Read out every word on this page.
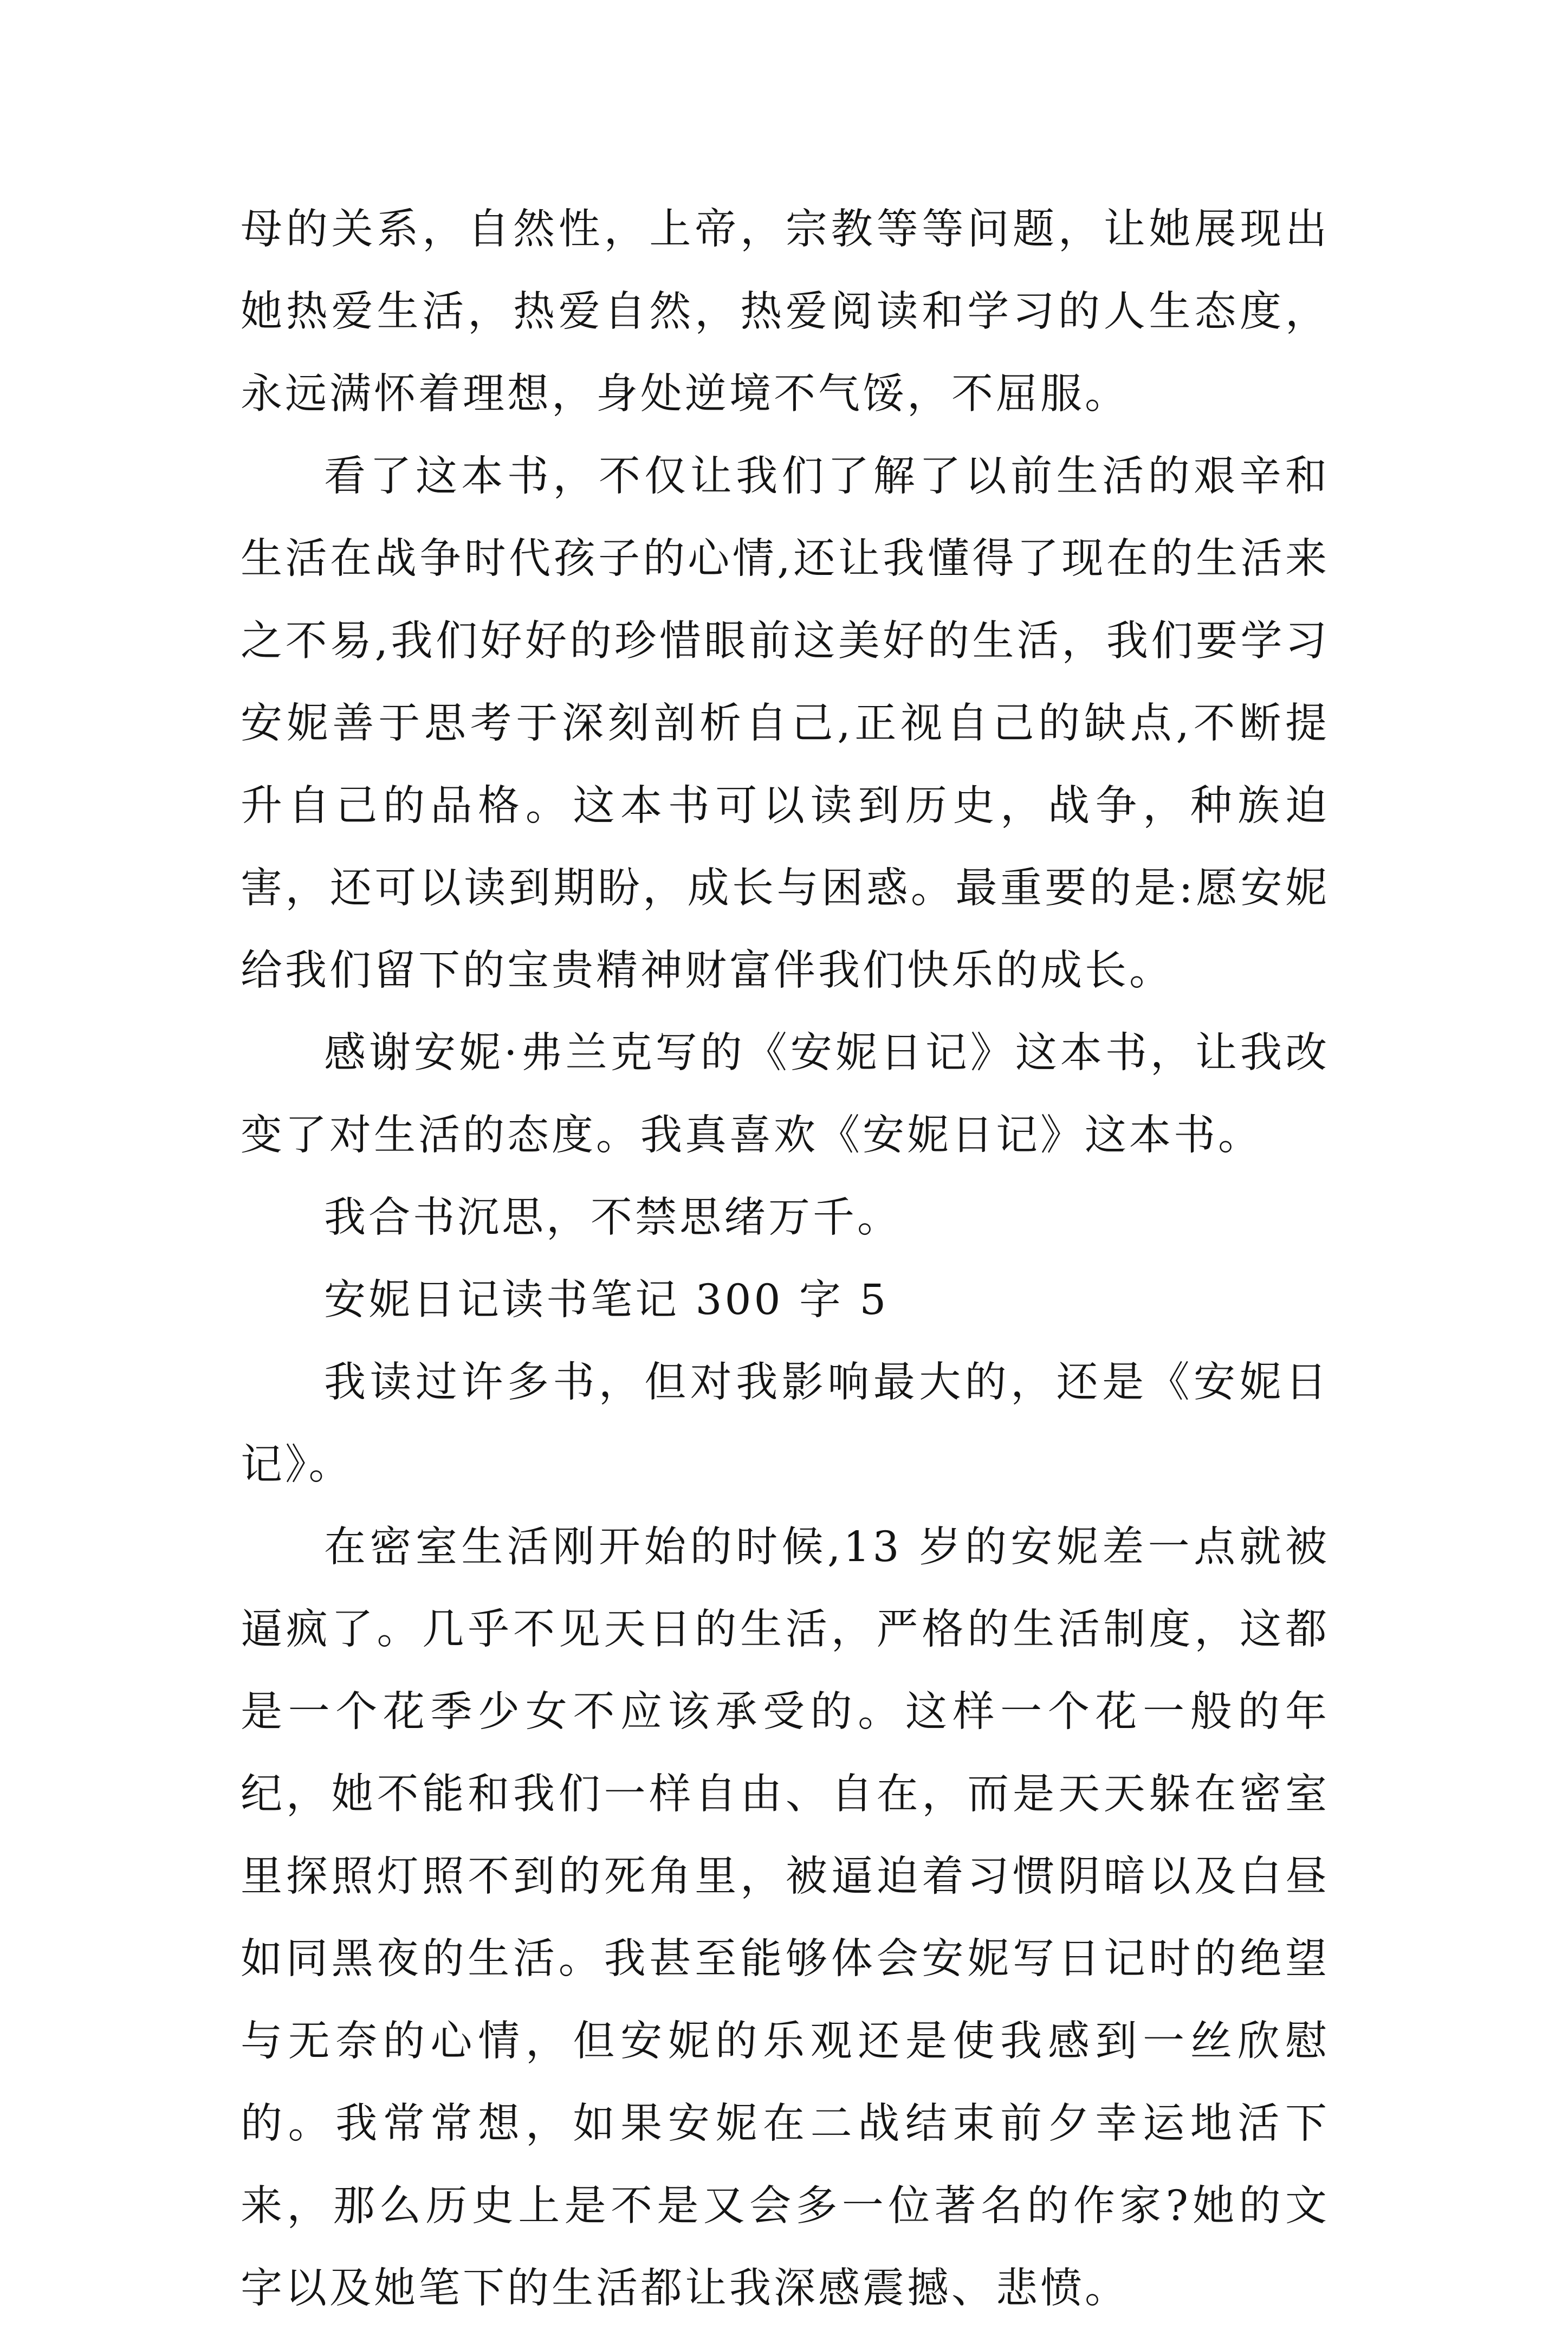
母的关系，自然性，上帝，宗教等等问题，让她展现出她热爱生活，热爱自然，热爱阅读和学习的人生态度，永远满怀着理想，身处逆境不气馁，不屈服。

看了这本书，不仅让我们了解了以前生活的艰辛和生活在战争时代孩子的心情,还让我懂得了现在的生活来之不易,我们好好的珍惜眼前这美好的生活，我们要学习安妮善于思考于深刻剖析自己,正视自己的缺点,不断提升自己的品格。这本书可以读到历史，战争，种族迫害，还可以读到期盼，成长与困惑。最重要的是:愿安妮给我们留下的宝贵精神财富伴我们快乐的成长。

感谢安妮·弗兰克写的《安妮日记》这本书，让我改变了对生活的态度。我真喜欢《安妮日记》这本书。

我合书沉思，不禁思绪万千。

安妮日记读书笔记 300 字 5

我读过许多书，但对我影响最大的，还是《安妮日记》。

在密室生活刚开始的时候,13 岁的安妮差一点就被逼疯了。几乎不见天日的生活，严格的生活制度，这都是一个花季少女不应该承受的。这样一个花一般的年纪，她不能和我们一样自由、自在，而是天天躲在密室里探照灯照不到的死角里，被逼迫着习惯阴暗以及白昼如同黑夜的生活。我甚至能够体会安妮写日记时的绝望与无奈的心情，但安妮的乐观还是使我感到一丝欣慰的。我常常想，如果安妮在二战结束前夕幸运地活下来，那么历史上是不是又会多一位著名的作家?她的文字以及她笔下的生活都让我深感震撼、悲愤。
